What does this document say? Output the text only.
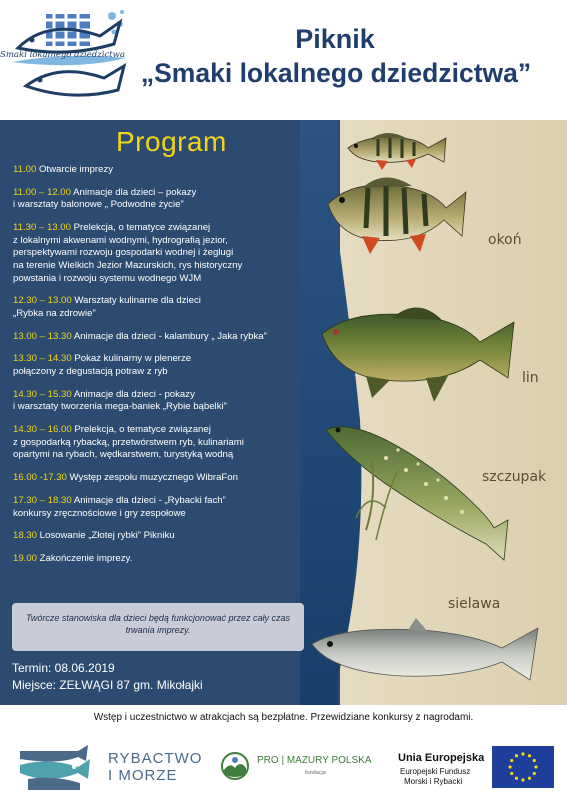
Smaki lokalnego dziedzictwa
Piknik
„Smaki lokalnego dziedzictwa”
Program
11.00 Otwarcie imprezy
11.00 – 12.00 Animacje dla dzieci – pokazy
i warsztaty balonowe „ Podwodne życie”
11.30 – 13.00 Prelekcja, o tematyce związanej
z lokalnymi akwenami wodnymi, hydrografią jezior,
perspektywami rozwoju gospodarki wodnej i żeglugi
na terenie Wielkich Jezior Mazurskich, rys historyczny
powstania i rozwoju systemu wodnego WJM
12.30 – 13.00 Warsztaty kulinarne dla dzieci
„Rybka na zdrowie”
13.00 – 13.30 Animacje dla dzieci - kalambury „ Jaka rybka”
13.30 – 14.30 Pokaz kulinarny w plenerze
połączony z degustacją potraw z ryb
14.30 – 15.30 Animacje dla dzieci - pokazy
i warsztaty tworzenia mega-baniek „Rybie bąbelki”
14.30 – 16.00 Prelekcja, o tematyce związanej
z gospodarką rybacką, przetwórstwem ryb, kulinariami
opartymi na rybach, wędkarstwem, turystyką wodną
16.00 -17.30 Występ zespołu muzycznego WibraFon
17.30 – 18.30 Animacje dla dzieci - „Rybacki fach”
konkursy zręcznościowe i gry zespołowe
18.30 Losowanie „Złotej rybki” Pikniku
19.00 Zakończenie imprezy.
Twórcze stanowiska dla dzieci będą funkcjonować przez cały czas trwania imprezy.
Termin: 08.06.2019
Miejsce: ZEŁWĄGI 87 gm. Mikołajki
okoń
lin
szczupak
sielawa
Wstęp i uczestnictwo w atrakcjach są bezpłatne. Przewidziane konkursy z nagrodami.
RYBACTWO
I MORZE
PRO | MAZURY POLSKA
fundacja
Unia Europejska
Europejski Fundusz
Morski i Rybacki
